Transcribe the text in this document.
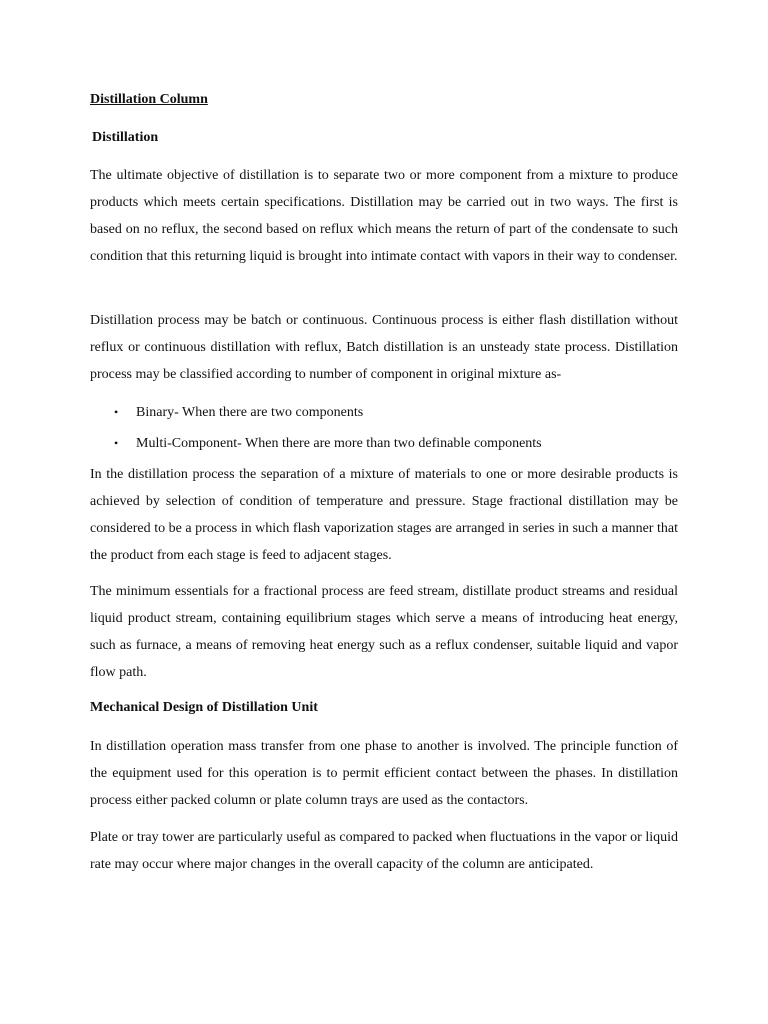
Distillation Column
Distillation

The ultimate objective of distillation is to separate two or more component from a mixture to produce products which meets certain specifications. Distillation may be carried out in two ways. The first is based on no reflux, the second based on reflux which means the return of part of the condensate to such condition that this returning liquid is brought into intimate contact with vapors in their way to condenser.

Distillation process may be batch or continuous. Continuous process is either flash distillation without reflux or continuous distillation with reflux, Batch distillation is an unsteady state process. Distillation process may be classified according to number of component in original mixture as-

• Binary- When there are two components
• Multi-Component- When there are more than two definable components

In the distillation process the separation of a mixture of materials to one or more desirable products is achieved by selection of condition of temperature and pressure. Stage fractional distillation may be considered to be a process in which flash vaporization stages are arranged in series in such a manner that the product from each stage is feed to adjacent stages.

The minimum essentials for a fractional process are feed stream, distillate product streams and residual liquid product stream, containing equilibrium stages which serve a means of introducing heat energy, such as furnace, a means of removing heat energy such as a reflux condenser, suitable liquid and vapor flow path.

Mechanical Design of Distillation Unit

In distillation operation mass transfer from one phase to another is involved. The principle function of the equipment used for this operation is to permit efficient contact between the phases. In distillation process either packed column or plate column trays are used as the contactors.

Plate or tray tower are particularly useful as compared to packed when fluctuations in the vapor or liquid rate may occur where major changes in the overall capacity of the column are anticipated.
